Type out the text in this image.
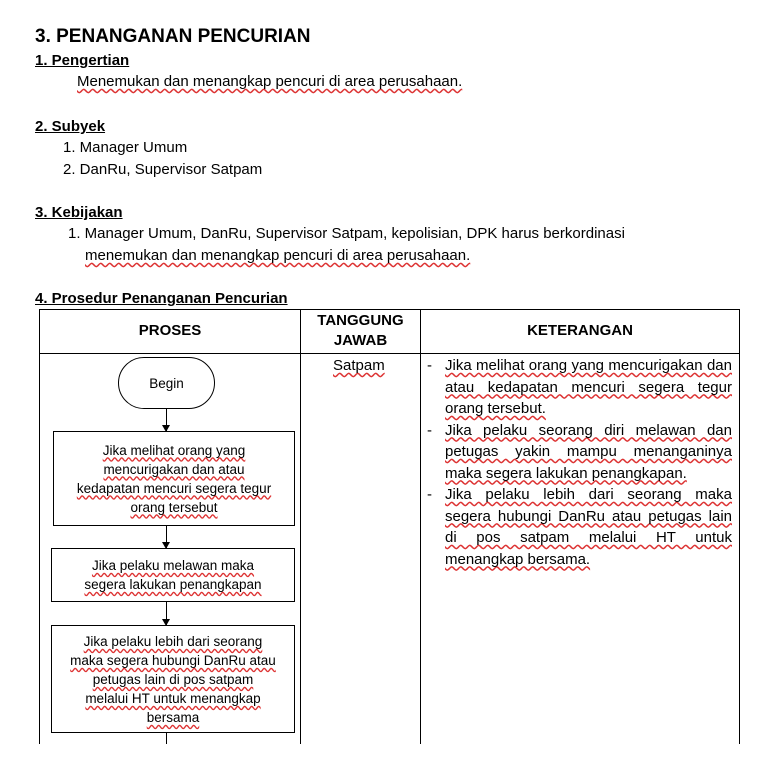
3. PENANGANAN PENCURIAN
1. Pengertian
Menemukan dan menangkap pencuri di area perusahaan.
2. Subyek
1. Manager Umum
2. DanRu, Supervisor Satpam
3. Kebijakan
1. Manager Umum, DanRu, Supervisor Satpam, kepolisian, DPK harus berkordinasi
menemukan dan menangkap pencuri di area perusahaan.
4. Prosedur Penanganan Pencurian
PROSES
TANGGUNG
JAWAB
KETERANGAN
Satpam
Begin
Jika melihat orang yang
mencurigakan dan atau
kedapatan mencuri segera tegur
orang tersebut
Jika pelaku melawan maka
segera lakukan penangkapan
Jika pelaku lebih dari seorang
maka segera hubungi DanRu atau
petugas lain di pos satpam
melalui HT untuk menangkap
bersama
- Jika melihat orang yang mencurigakan dan atau kedapatan mencuri segera tegur orang tersebut.
- Jika pelaku seorang diri melawan dan petugas yakin mampu menanganinya maka segera lakukan penangkapan.
- Jika pelaku lebih dari seorang maka segera hubungi DanRu atau petugas lain di pos satpam melalui HT untuk menangkap bersama.
